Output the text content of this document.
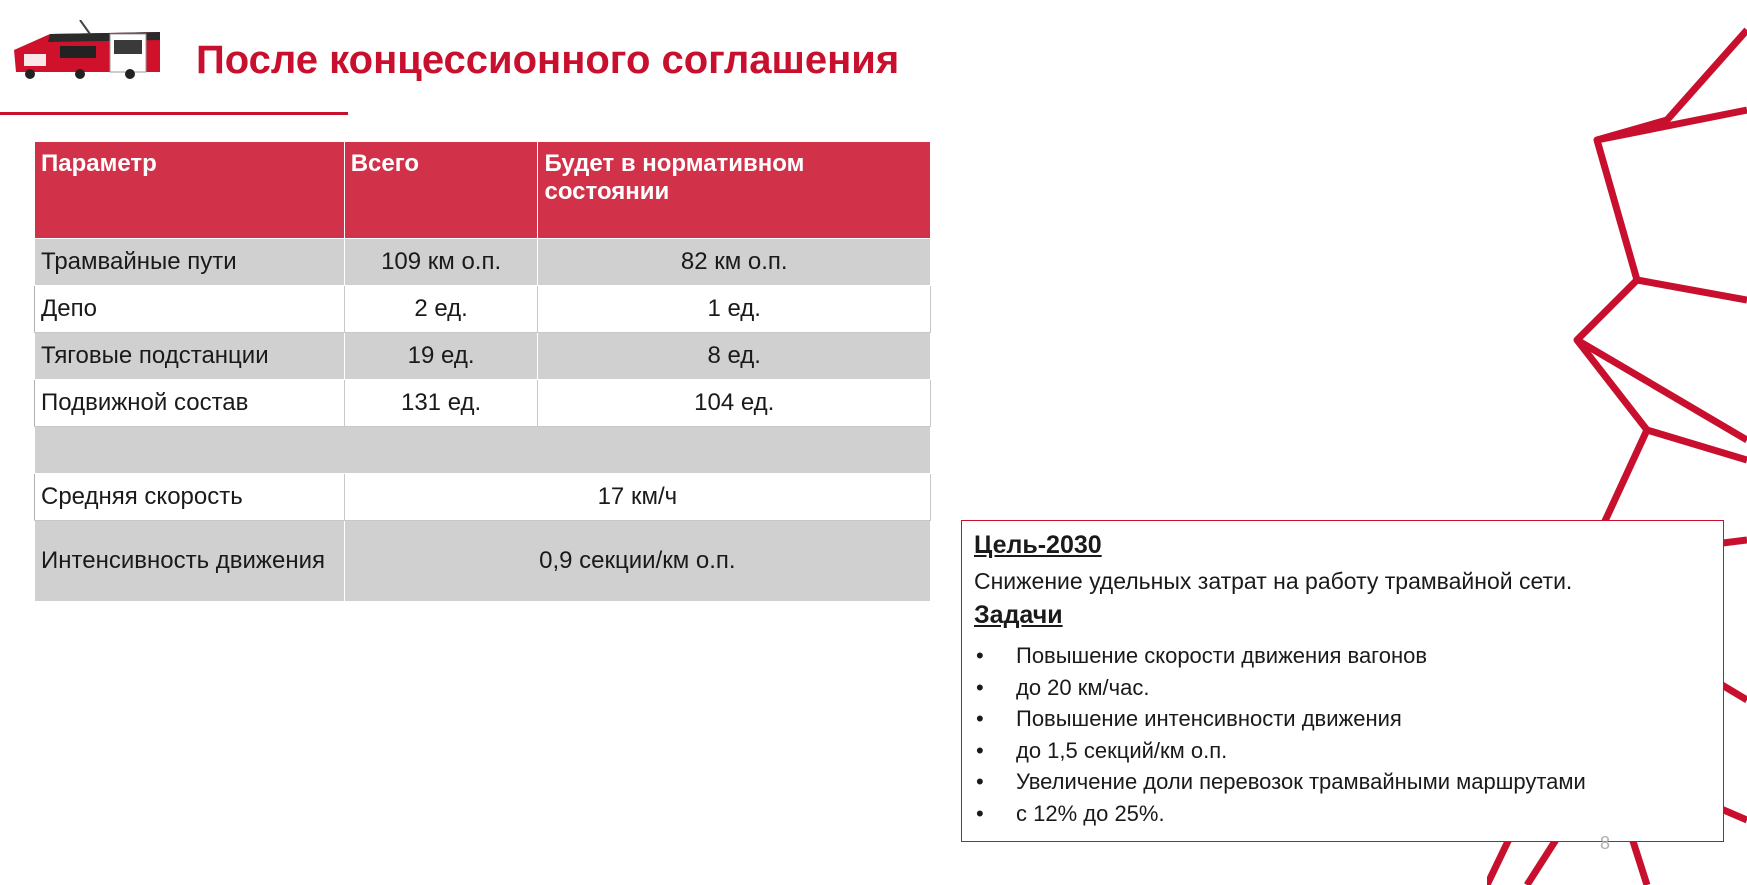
После концессионного соглашения
Параметр	Всего	Будет в нормативном состоянии
Трамвайные пути	109 км о.п.	82 км о.п.
Депо	2 ед.	1 ед.
Тяговые подстанции	19 ед.	8 ед.
Подвижной состав	131 ед.	104 ед.

Средняя скорость	17 км/ч	
Интенсивность движения	0,9 секции/км о.п.	

Цель-2030

Снижение удельных затрат на работу трамвайной сети.

Задачи

• Повышение скорости движения вагонов
• до 20 км/час.
• Повышение интенсивности движения
• до 1,5 секций/км о.п.
• Увеличение доли перевозок трамвайными маршрутами
• с 12% до 25%.
8
